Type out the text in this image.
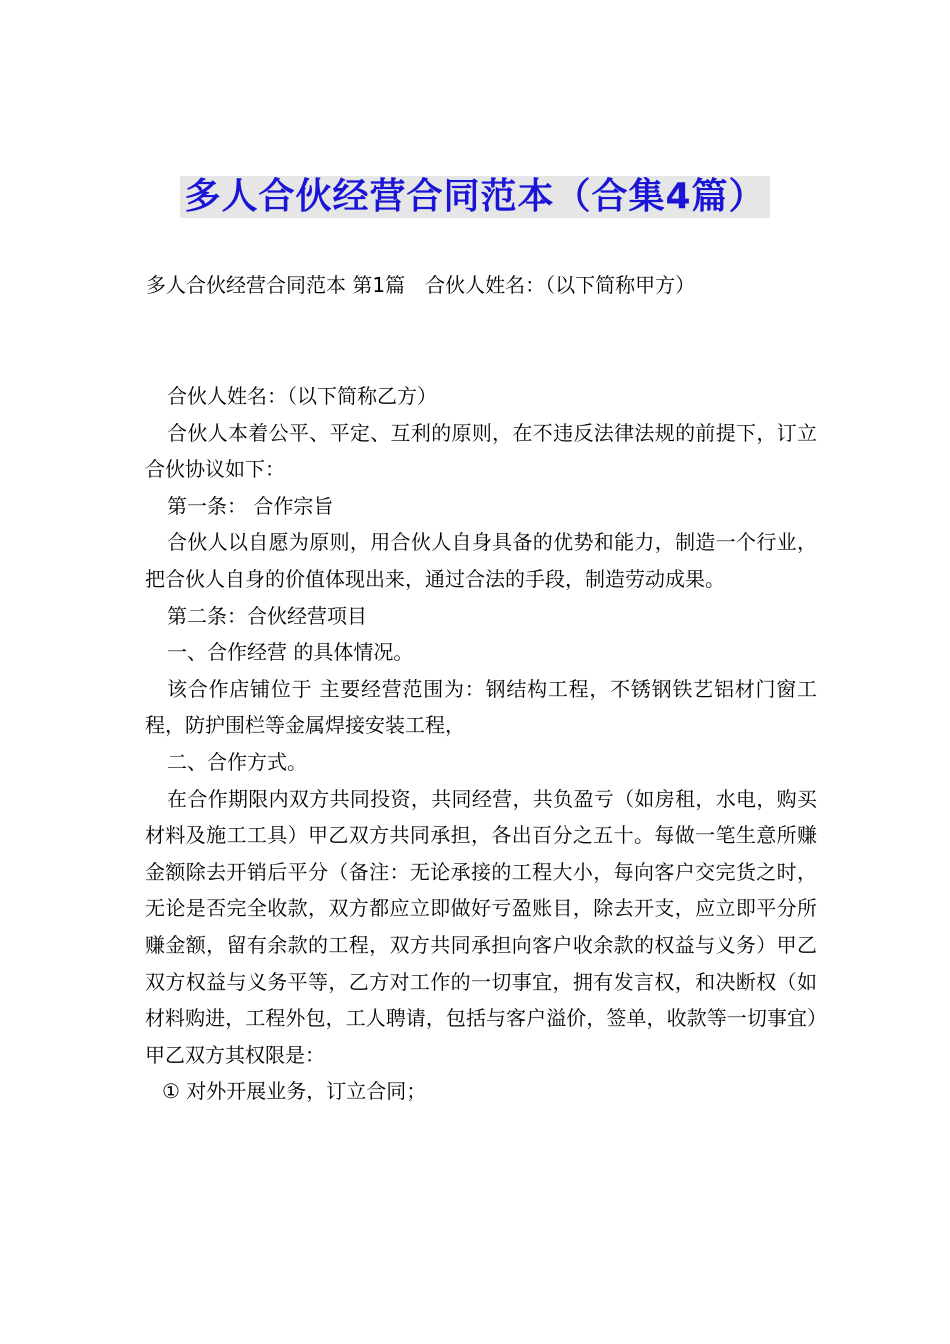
多人合伙经营合同范本（合集4篇）
多人合伙经营合同范本 第1篇　合伙人姓名：（以下简称甲方）

合伙人姓名：（以下简称乙方）

合伙人本着公平、平定、互利的原则，在不违反法律法规的前提下，订立合伙协议如下：

第一条： 合作宗旨

合伙人以自愿为原则，用合伙人自身具备的优势和能力，制造一个行业，把合伙人自身的价值体现出来，通过合法的手段，制造劳动成果。

第二条：合伙经营项目

一、合作经营 的具体情况。

该合作店铺位于 主要经营范围为：钢结构工程，不锈钢铁艺铝材门窗工程，防护围栏等金属焊接安装工程，

二、合作方式。

在合作期限内双方共同投资，共同经营，共负盈亏（如房租，水电，购买材料及施工工具）甲乙双方共同承担，各出百分之五十。每做一笔生意所赚金额除去开销后平分（备注：无论承接的工程大小，每向客户交完货之时，无论是否完全收款，双方都应立即做好亏盈账目，除去开支，应立即平分所赚金额，留有余款的工程，双方共同承担向客户收余款的权益与义务）甲乙双方权益与义务平等，乙方对工作的一切事宜，拥有发言权，和决断权（如材料购进，工程外包，工人聘请，包括与客户溢价，签单，收款等一切事宜）甲乙双方其权限是：

① 对外开展业务，订立合同；
